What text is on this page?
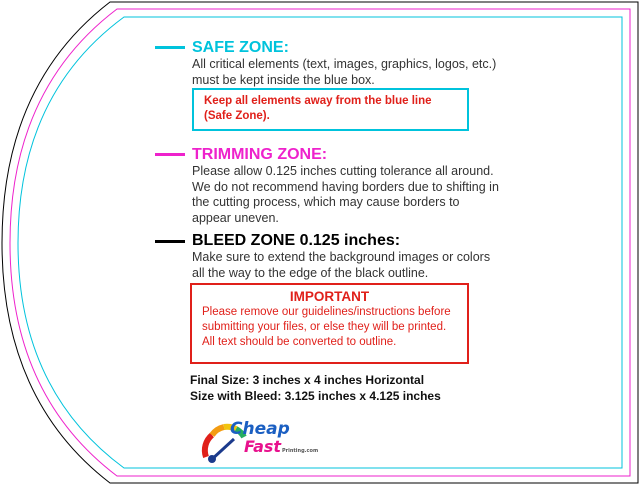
SAFE ZONE:
All critical elements (text, images, graphics, logos, etc.)
must be kept inside the blue box.
Keep all elements away from the blue line
(Safe Zone).
TRIMMING ZONE:
Please allow 0.125 inches cutting tolerance all around.
We do not recommend having borders due to shifting in
the cutting process, which may cause borders to
appear uneven.
BLEED ZONE 0.125 inches:
Make sure to extend the background images or colors
all the way to the edge of the black outline.
IMPORTANT
Please remove our guidelines/instructions before
submitting your files, or else they will be printed.
All text should be converted to outline.
Final Size: 3 inches x 4 inches Horizontal
Size with Bleed: 3.125 inches x 4.125 inches
Cheap
Fast Printing.com
